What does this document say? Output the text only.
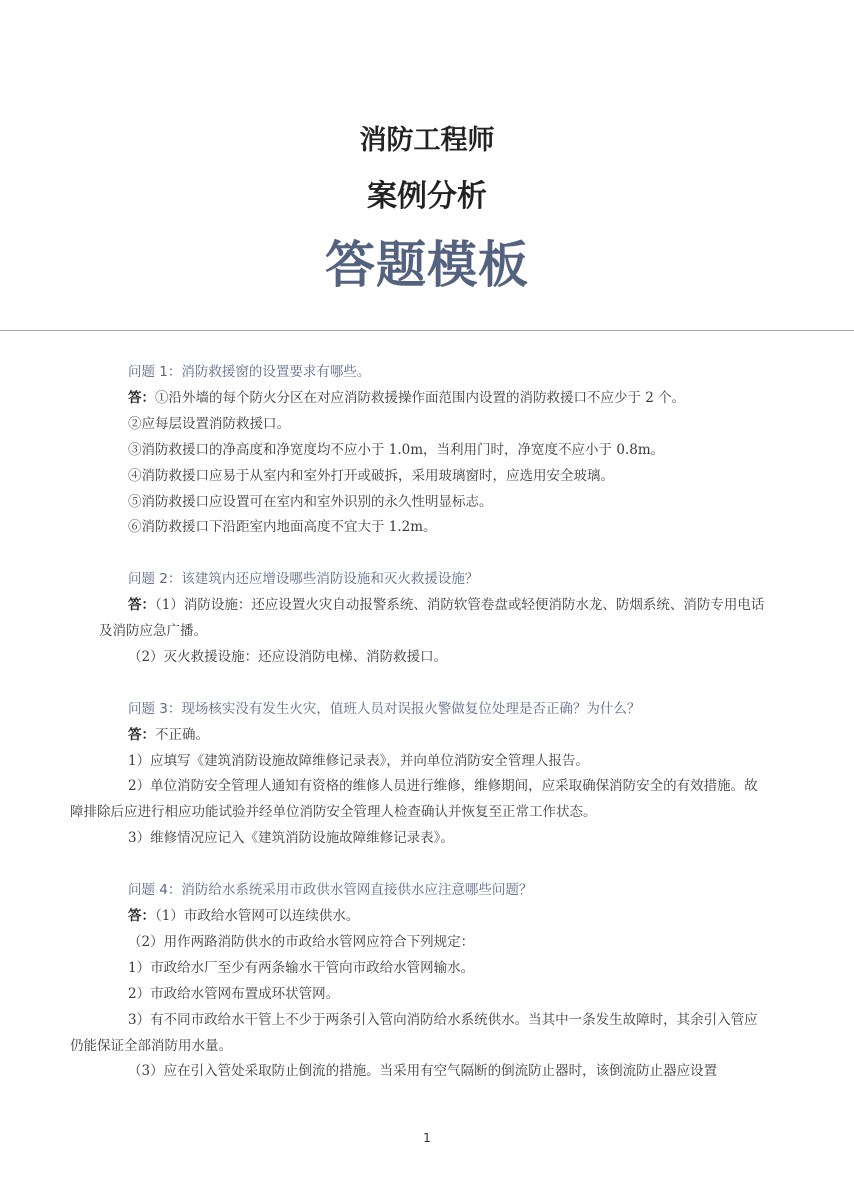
消防工程师
案例分析
答题模板
问题 1：消防救援窗的设置要求有哪些。
答：①沿外墙的每个防火分区在对应消防救援操作面范围内设置的消防救援口不应少于 2 个。
②应每层设置消防救援口。
③消防救援口的净高度和净宽度均不应小于 1.0m，当利用门时，净宽度不应小于 0.8m。
④消防救援口应易于从室内和室外打开或破拆，采用玻璃窗时，应选用安全玻璃。
⑤消防救援口应设置可在室内和室外识别的永久性明显标志。
⑥消防救援口下沿距室内地面高度不宜大于 1.2m。
问题 2：该建筑内还应增设哪些消防设施和灭火救援设施？
答：（1）消防设施：还应设置火灾自动报警系统、消防软管卷盘或轻便消防水龙、防烟系统、消防专用电话及消防应急广播。
（2）灭火救援设施：还应设消防电梯、消防救援口。
问题 3：现场核实没有发生火灾，值班人员对误报火警做复位处理是否正确？为什么？
答：不正确。
1）应填写《建筑消防设施故障维修记录表》，并向单位消防安全管理人报告。
2）单位消防安全管理人通知有资格的维修人员进行维修，维修期间，应采取确保消防安全的有效措施。故障排除后应进行相应功能试验并经单位消防安全管理人检查确认并恢复至正常工作状态。
3）维修情况应记入《建筑消防设施故障维修记录表》。
问题 4：消防给水系统采用市政供水管网直接供水应注意哪些问题？
答：（1）市政给水管网可以连续供水。
（2）用作两路消防供水的市政给水管网应符合下列规定：
1）市政给水厂至少有两条输水干管向市政给水管网输水。
2）市政给水管网布置成环状管网。
3）有不同市政给水干管上不少于两条引入管向消防给水系统供水。当其中一条发生故障时，其余引入管应仍能保证全部消防用水量。
（3）应在引入管处采取防止倒流的措施。当采用有空气隔断的倒流防止器时，该倒流防止器应设置
1
